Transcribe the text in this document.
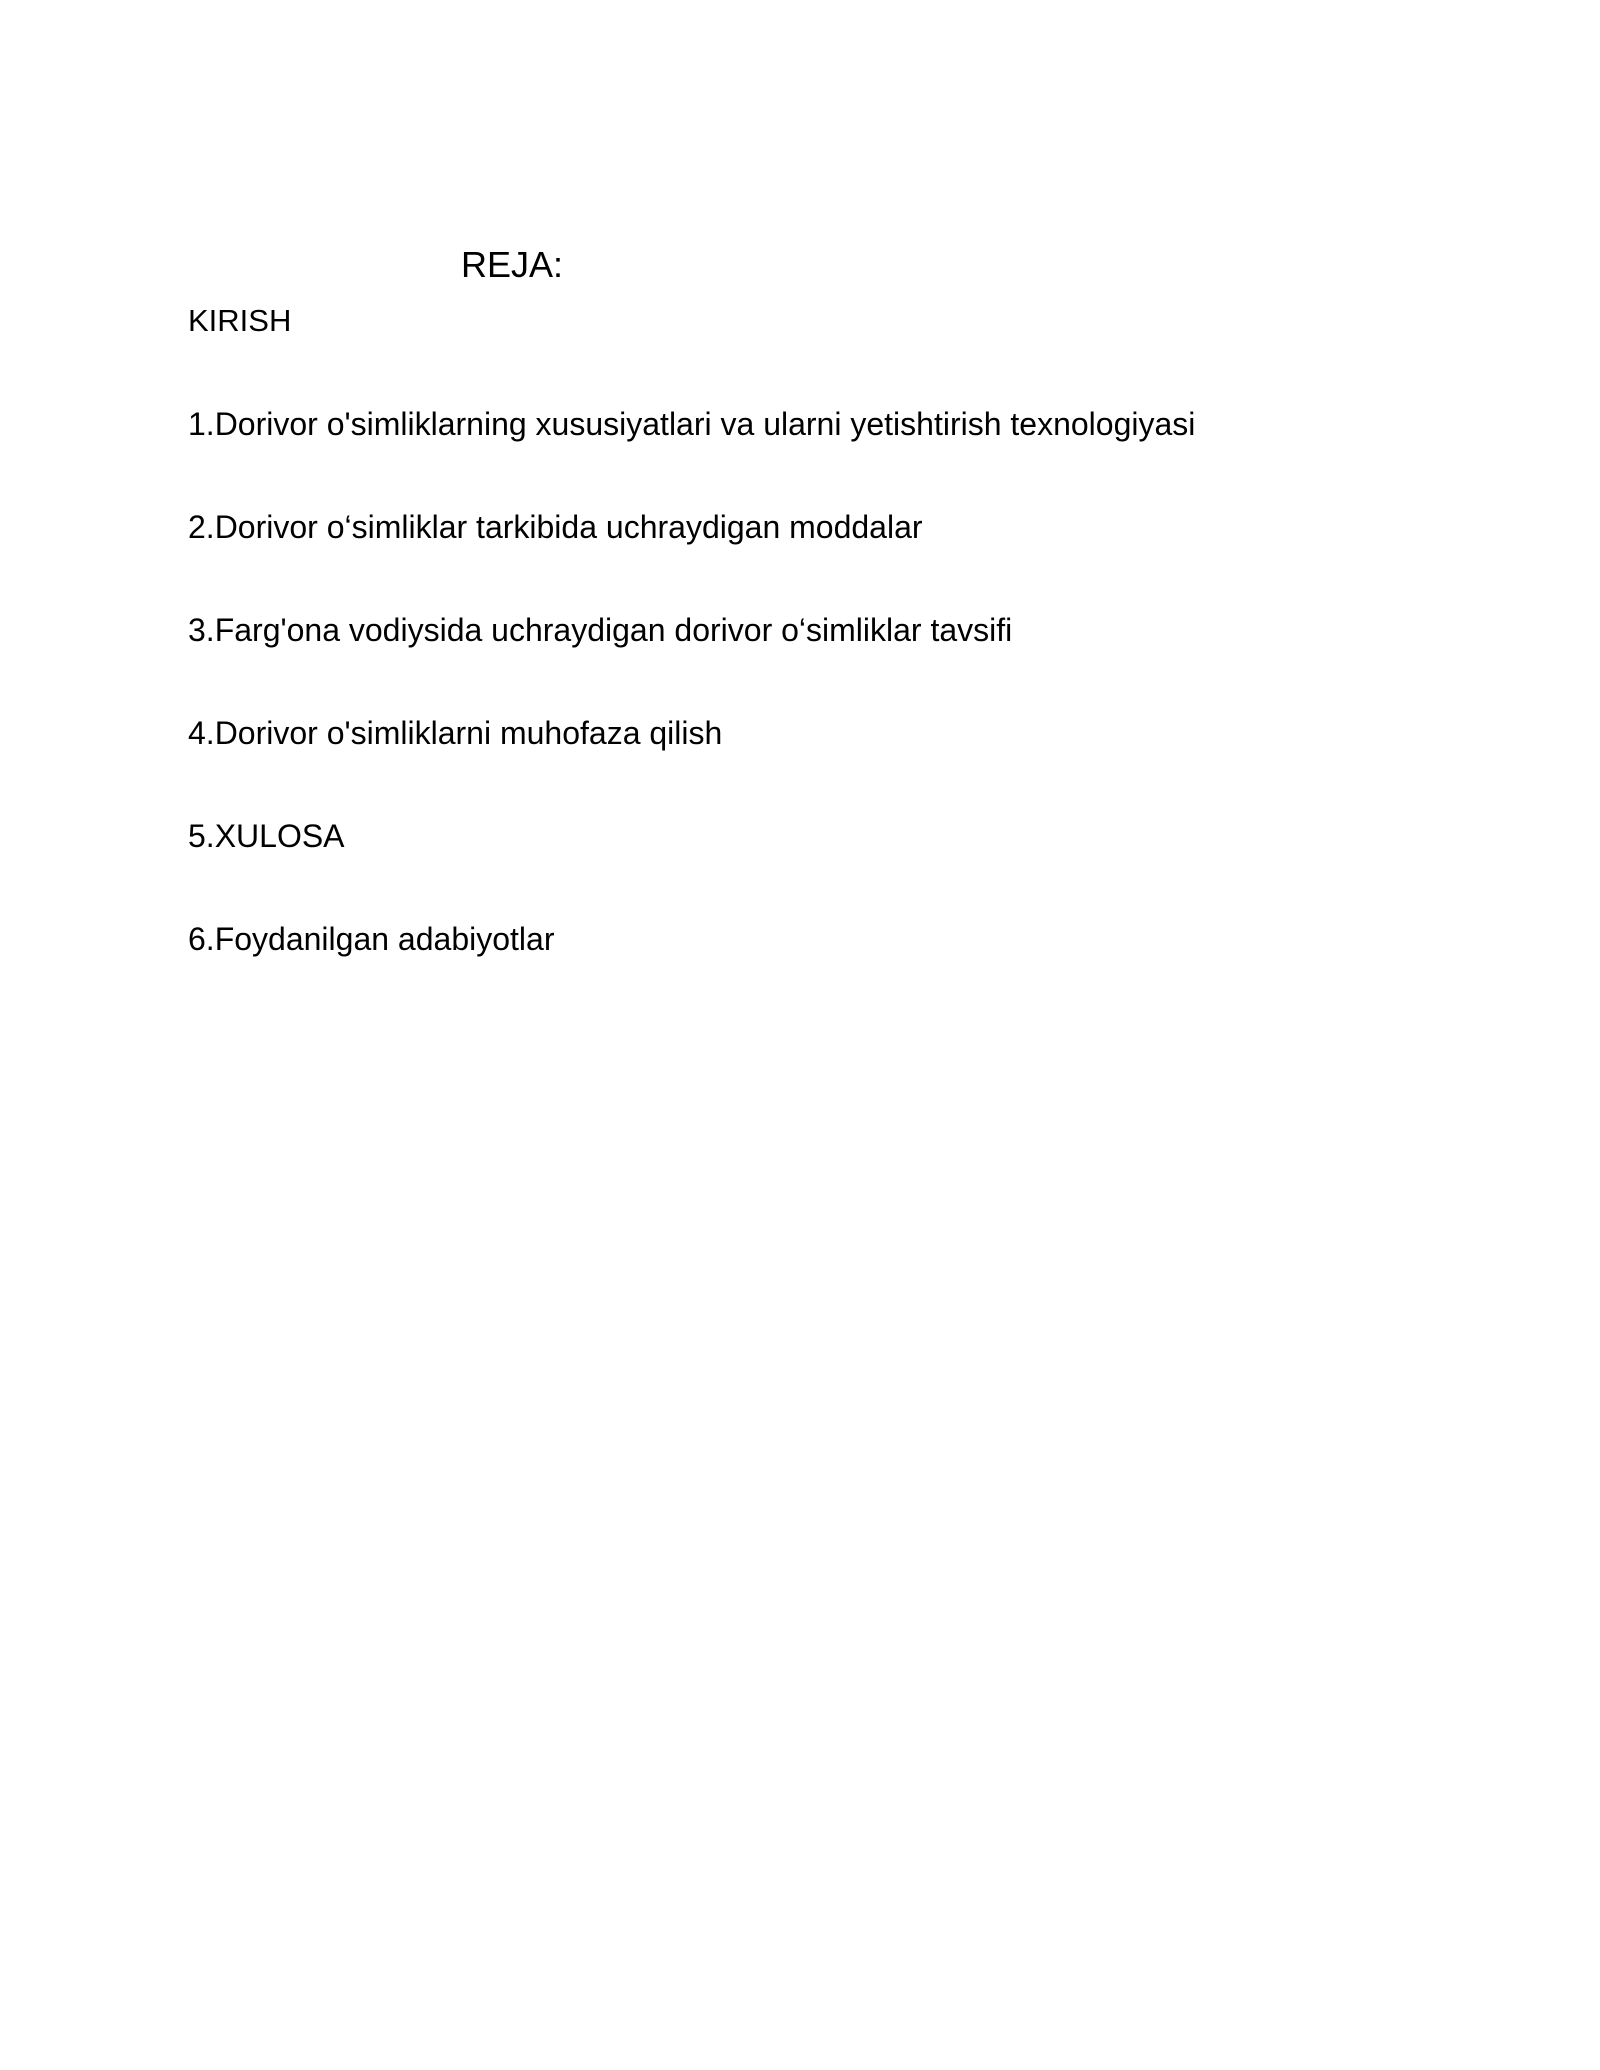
REJA:
KIRISH
1.Dorivor o'simliklarning xususiyatlari va ularni yetishtirish texnologiyasi
2.Dorivor o‘simliklar tarkibida uchraydigan moddalar
3.Farg'ona vodiysida uchraydigan dorivor o‘simliklar tavsifi
4.Dorivor o'simliklarni muhofaza qilish
5.XULOSA
6.Foydanilgan adabiyotlar
